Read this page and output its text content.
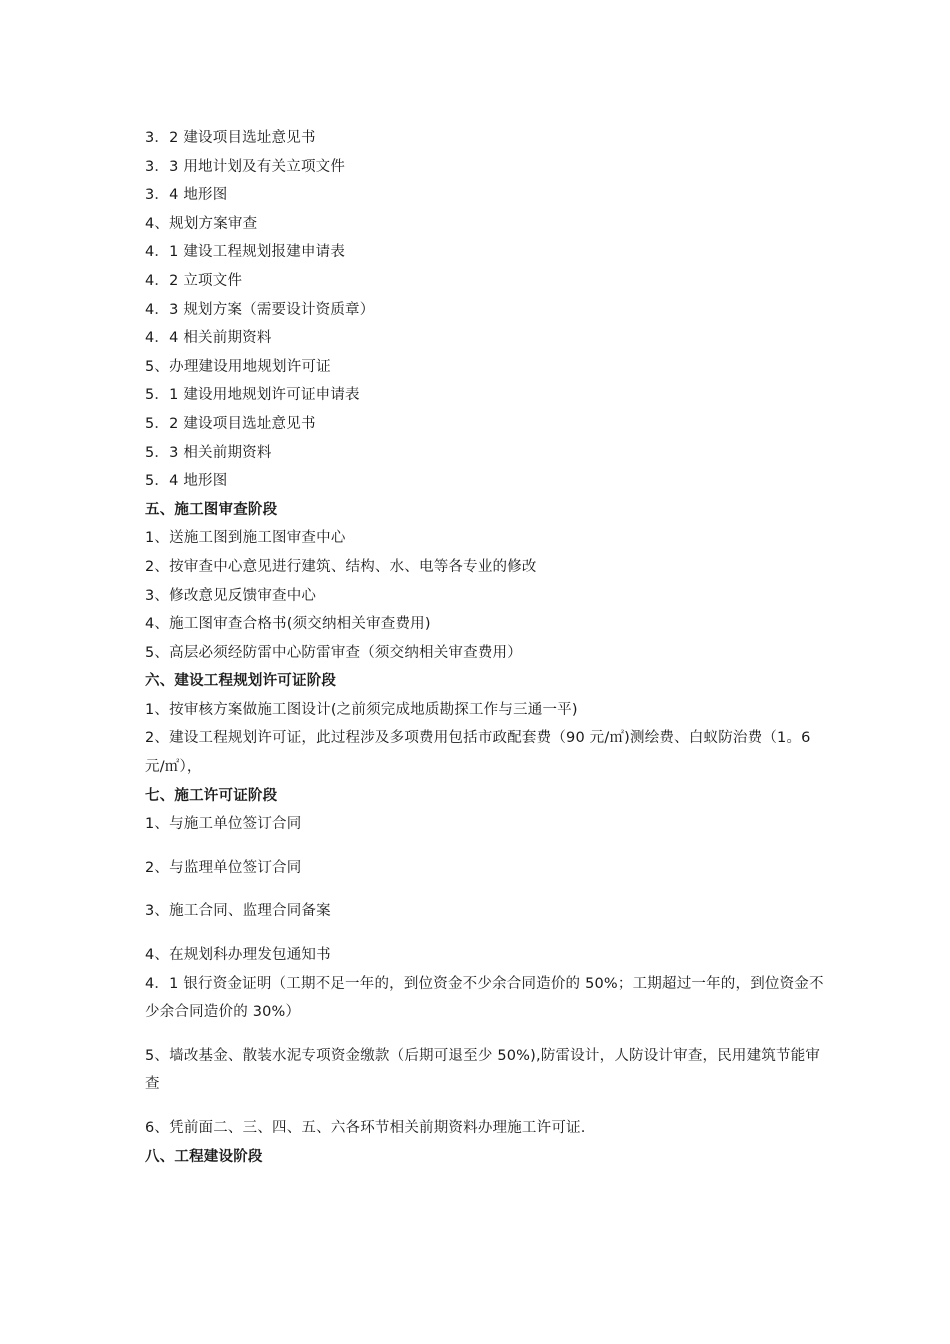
3．2 建设项目选址意见书
3．3 用地计划及有关立项文件
3．4 地形图
4、规划方案审查
4．1 建设工程规划报建申请表
4．2 立项文件
4．3 规划方案（需要设计资质章）
4．4 相关前期资料
5、办理建设用地规划许可证
5．1 建设用地规划许可证申请表
5．2 建设项目选址意见书
5．3 相关前期资料
5．4 地形图
五、施工图审查阶段
1、送施工图到施工图审查中心
2、按审查中心意见进行建筑、结构、水、电等各专业的修改
3、修改意见反馈审查中心
4、施工图审查合格书(须交纳相关审查费用)
5、高层必须经防雷中心防雷审查（须交纳相关审查费用）
六、建设工程规划许可证阶段
1、按审核方案做施工图设计(之前须完成地质勘探工作与三通一平)
2、建设工程规划许可证，此过程涉及多项费用包括市政配套费（90 元/㎡)测绘费、白蚁防治费（1。6 元/㎡），
七、施工许可证阶段
1、与施工单位签订合同
2、与监理单位签订合同
3、施工合同、监理合同备案
4、在规划科办理发包通知书
4．1 银行资金证明（工期不足一年的，到位资金不少余合同造价的 50%；工期超过一年的，到位资金不少余合同造价的 30%）
5、墙改基金、散装水泥专项资金缴款（后期可退至少 50%),防雷设计，人防设计审查，民用建筑节能审查
6、凭前面二、三、四、五、六各环节相关前期资料办理施工许可证.
八、工程建设阶段
